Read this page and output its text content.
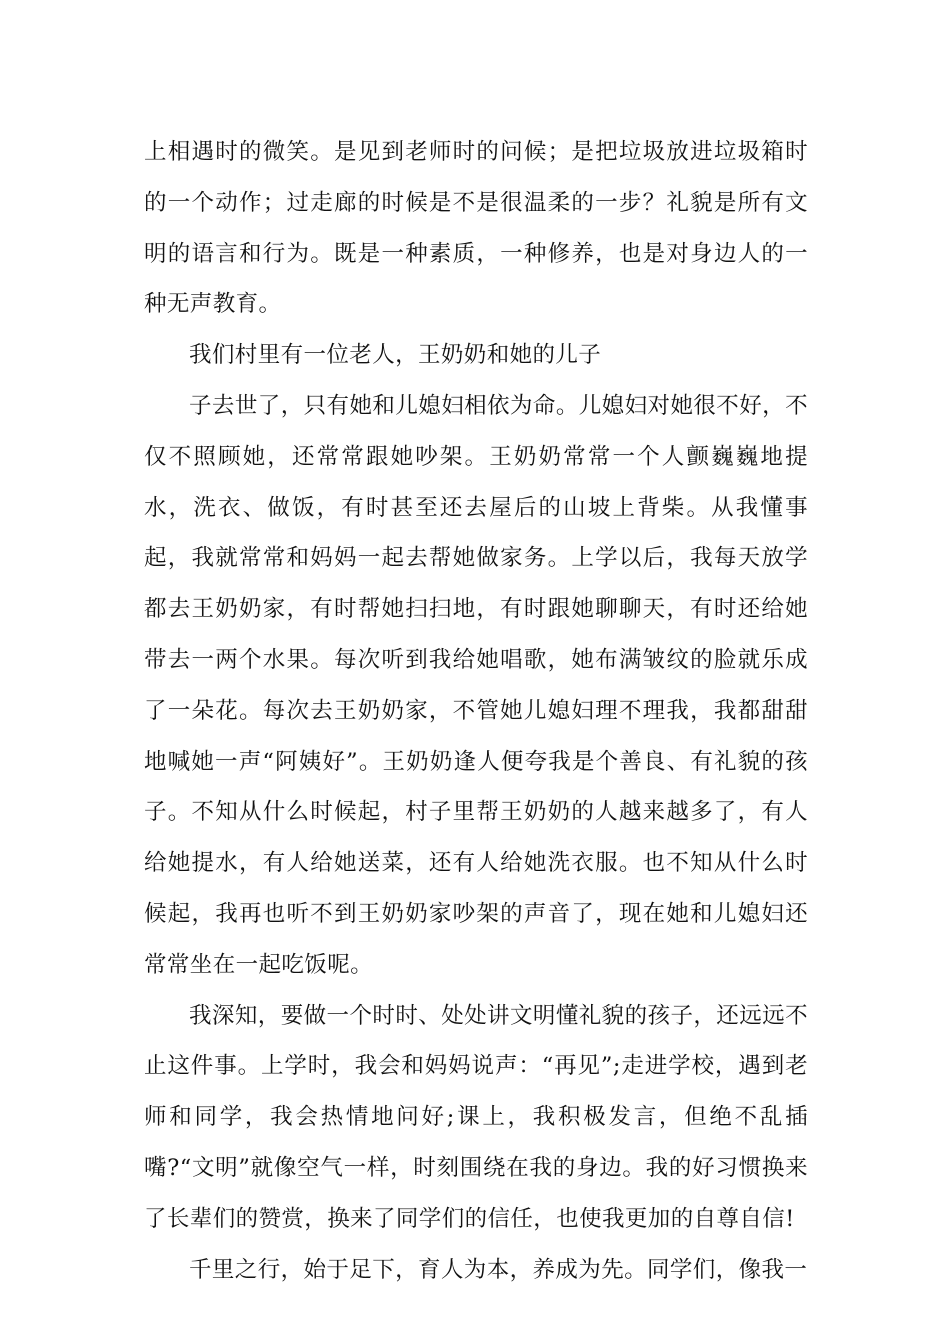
上相遇时的微笑。是见到老师时的问候；是把垃圾放进垃圾箱时的一个动作；过走廊的时候是不是很温柔的一步？礼貌是所有文明的语言和行为。既是一种素质，一种修养，也是对身边人的一种无声教育。

我们村里有一位老人，王奶奶和她的儿子

子去世了，只有她和儿媳妇相依为命。儿媳妇对她很不好，不仅不照顾她，还常常跟她吵架。王奶奶常常一个人颤巍巍地提水，洗衣、做饭，有时甚至还去屋后的山坡上背柴。从我懂事起，我就常常和妈妈一起去帮她做家务。上学以后，我每天放学都去王奶奶家，有时帮她扫扫地，有时跟她聊聊天，有时还给她带去一两个水果。每次听到我给她唱歌，她布满皱纹的脸就乐成了一朵花。每次去王奶奶家，不管她儿媳妇理不理我，我都甜甜地喊她一声“阿姨好”。王奶奶逢人便夸我是个善良、有礼貌的孩子。不知从什么时候起，村子里帮王奶奶的人越来越多了，有人给她提水，有人给她送菜，还有人给她洗衣服。也不知从什么时候起，我再也听不到王奶奶家吵架的声音了，现在她和儿媳妇还常常坐在一起吃饭呢。

我深知，要做一个时时、处处讲文明懂礼貌的孩子，还远远不止这件事。上学时，我会和妈妈说声：“再见”;走进学校，遇到老师和同学，我会热情地问好;课上，我积极发言，但绝不乱插嘴?“文明”就像空气一样，时刻围绕在我的身边。我的好习惯换来了长辈们的赞赏，换来了同学们的信任，也使我更加的自尊自信!

千里之行，始于足下，育人为本，养成为先。同学们，像我一
